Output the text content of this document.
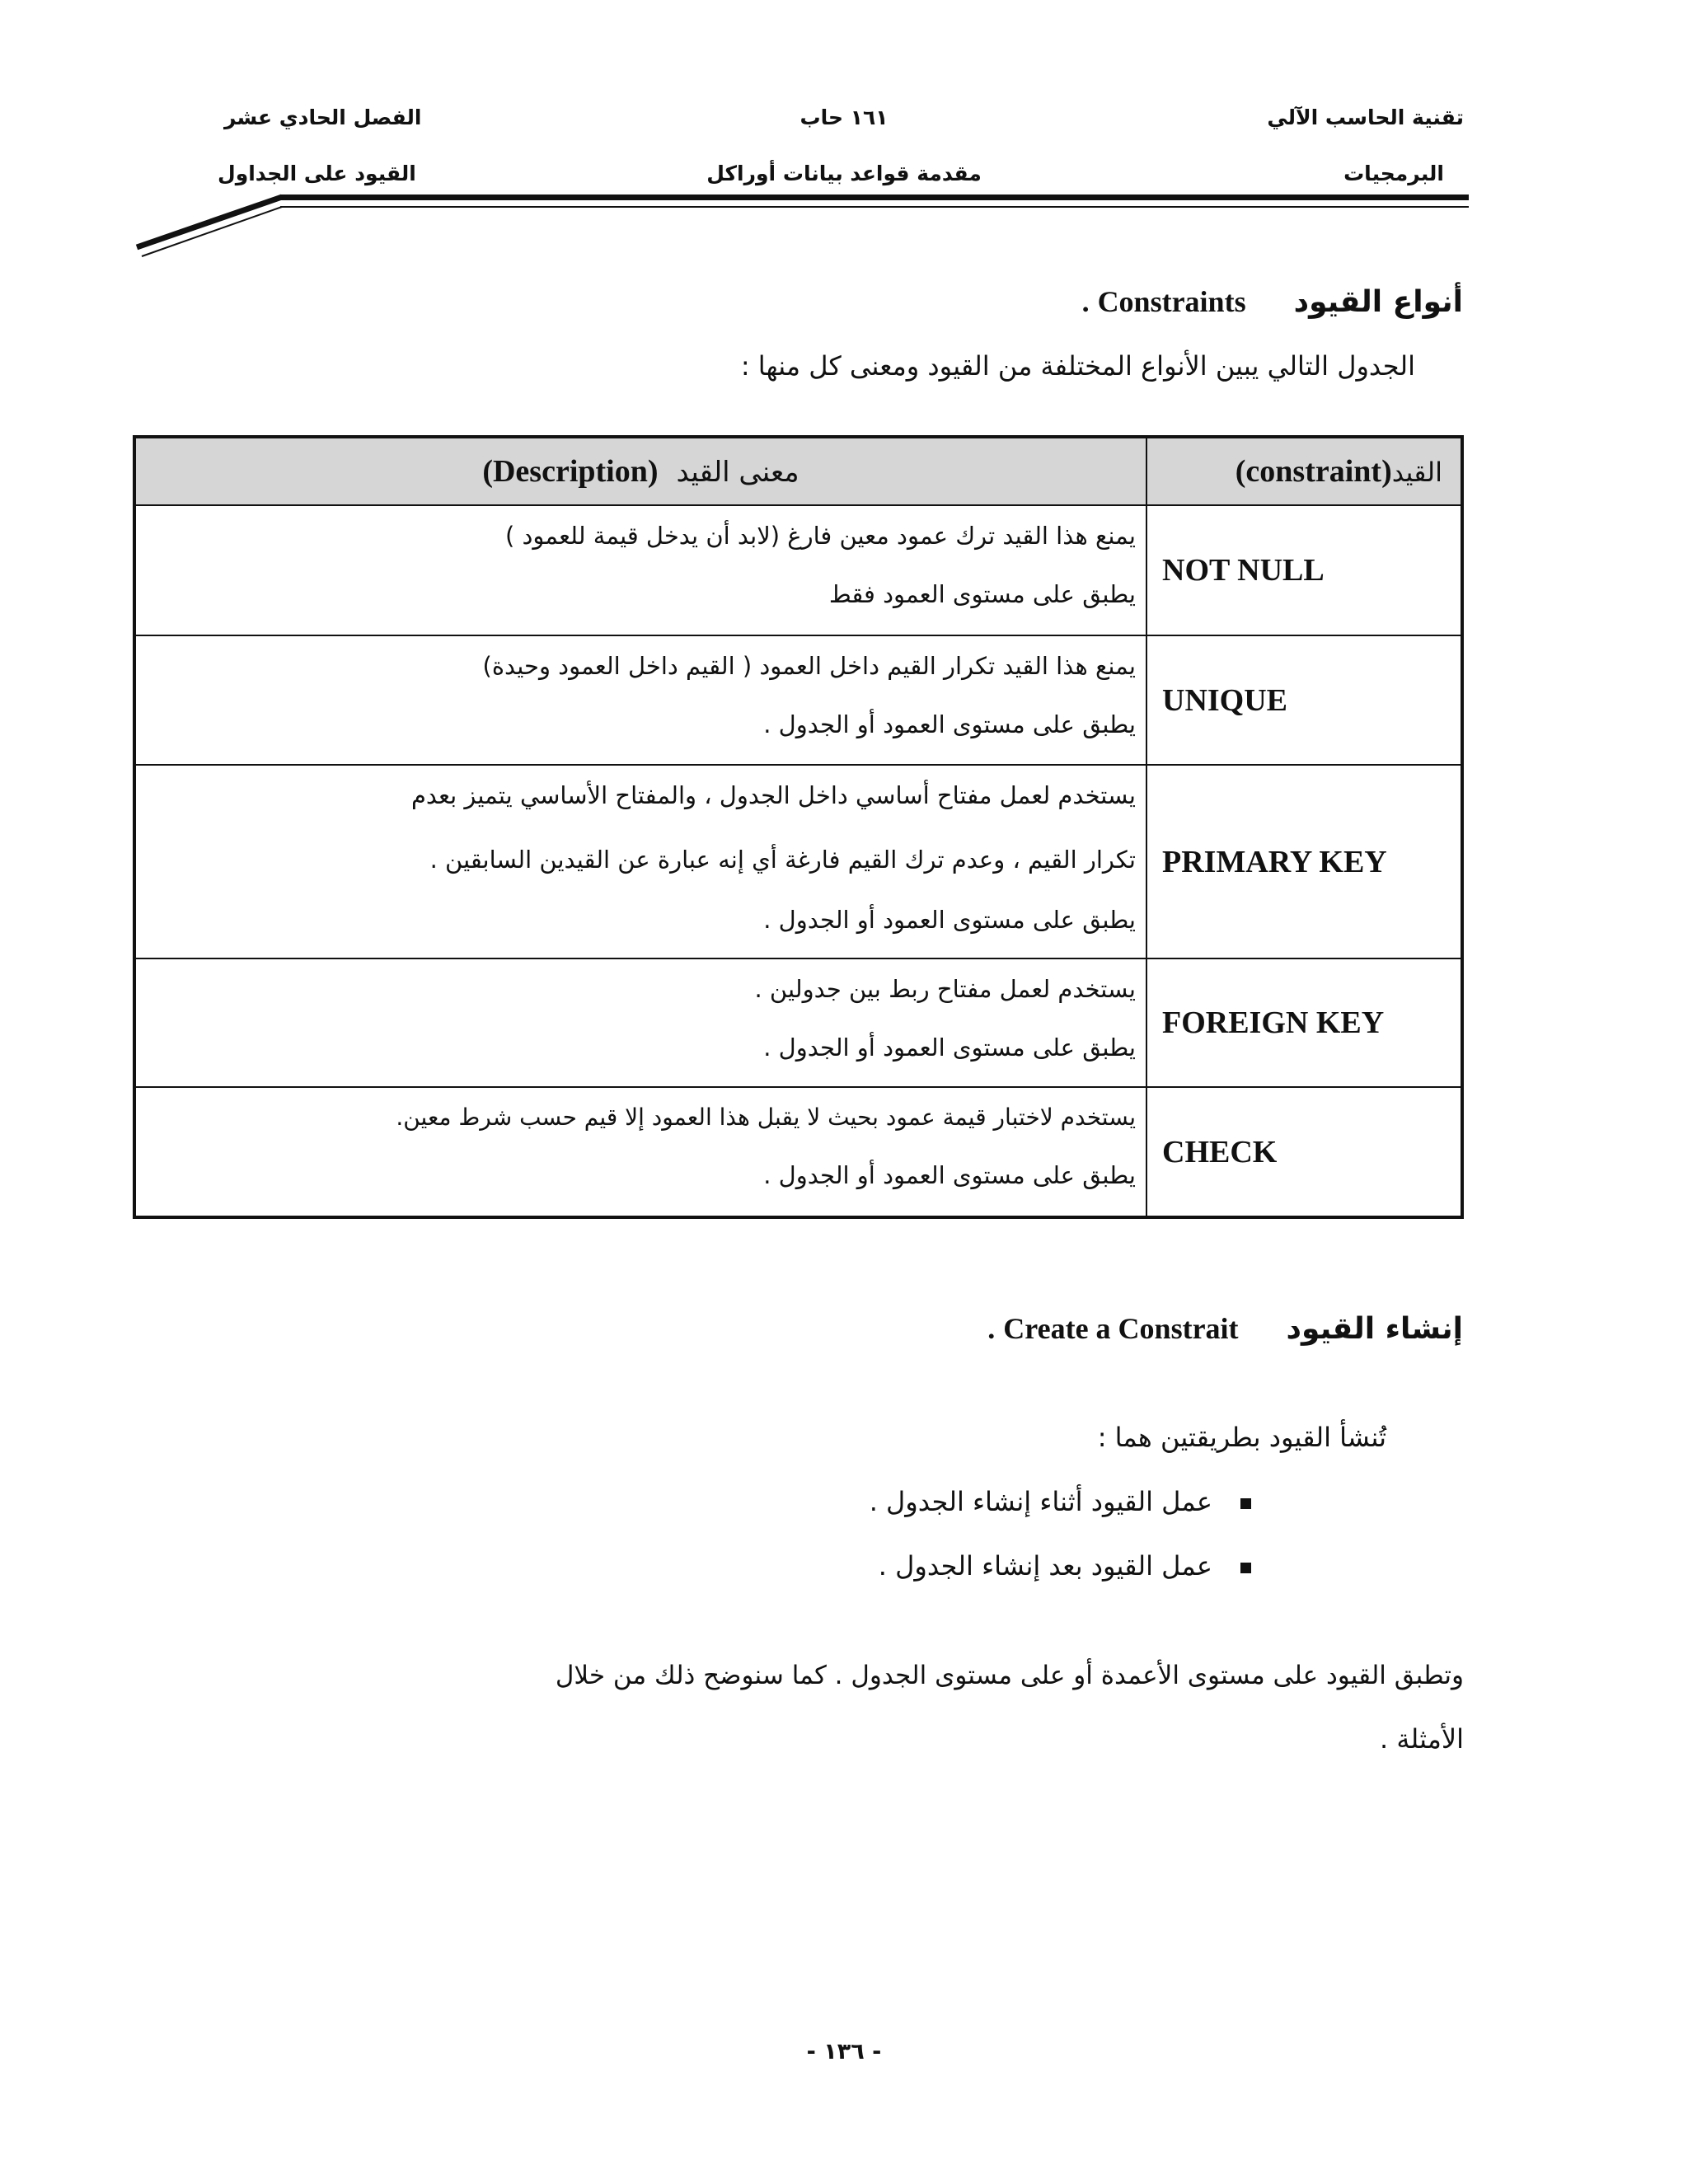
تقنية الحاسب الآلي
البرمجيات
١٦١ حاب
مقدمة قواعد بيانات أوراكل
الفصل الحادي عشر
القيود على الجداول
أنواع القيودConstraints.
الجدول التالي يبين الأنواع المختلفة من القيود ومعنى كل منها :
معنى القيد(Description)	القيد(constraint)

يمنع هذا القيد ترك عمود معين فارغ (لابد أن يدخل قيمة للعمود )
يطبق على مستوى العمود فقط	NOT NULL

يمنع هذا القيد تكرار القيم داخل العمود ( القيم داخل العمود وحيدة)
يطبق على مستوى العمود أو الجدول .	UNIQUE

يستخدم لعمل مفتاح أساسي داخل الجدول ، والمفتاح الأساسي يتميز بعدم
تكرار القيم ، وعدم ترك القيم فارغة أي إنه عبارة عن القيدين السابقين .
يطبق على مستوى العمود أو الجدول .	PRIMARY KEY

يستخدم لعمل مفتاح ربط بين جدولين .
يطبق على مستوى العمود أو الجدول .	FOREIGN KEY

يستخدم لاختبار قيمة عمود بحيث لا يقبل هذا العمود إلا قيم حسب شرط معين.
يطبق على مستوى العمود أو الجدول .	CHECK
إنشاء القيودCreate a Constrait.
تُنشأ القيود بطريقتين هما :
عمل القيود أثناء إنشاء الجدول .
عمل القيود بعد إنشاء الجدول .
وتطبق القيود على مستوى الأعمدة أو على مستوى الجدول . كما سنوضح ذلك من خلال
الأمثلة .
- ١٣٦ -
